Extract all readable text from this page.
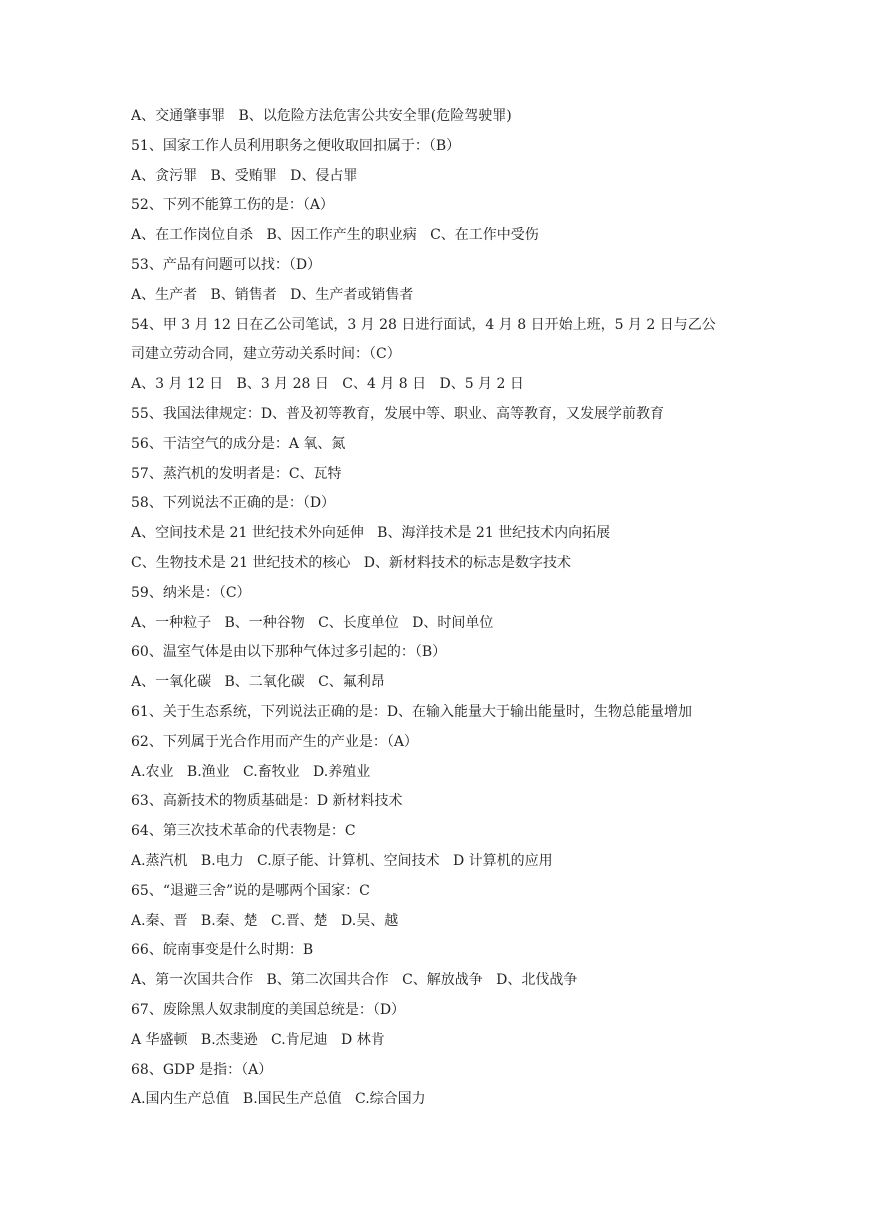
A、交通肇事罪   B、以危险方法危害公共安全罪(危险驾驶罪)
51、国家工作人员利用职务之便收取回扣属于：（B）
A、贪污罪   B、受贿罪   D、侵占罪
52、下列不能算工伤的是：（A）
A、在工作岗位自杀   B、因工作产生的职业病   C、在工作中受伤
53、产品有问题可以找：（D）
A、生产者   B、销售者   D、生产者或销售者
54、甲 3 月 12 日在乙公司笔试，3 月 28 日进行面试，4 月 8 日开始上班，5 月 2 日与乙公
司建立劳动合同，建立劳动关系时间：（C）
A、3 月 12 日   B、3 月 28 日   C、4 月 8 日   D、5 月 2 日
55、我国法律规定：D、普及初等教育，发展中等、职业、高等教育，又发展学前教育
56、干洁空气的成分是：A 氧、氮
57、蒸汽机的发明者是：C、瓦特
58、下列说法不正确的是：（D）
A、空间技术是 21 世纪技术外向延伸   B、海洋技术是 21 世纪技术内向拓展
C、生物技术是 21 世纪技术的核心   D、新材料技术的标志是数字技术
59、纳米是：（C）
A、一种粒子   B、一种谷物   C、长度单位   D、时间单位
60、温室气体是由以下那种气体过多引起的：（B）
A、一氧化碳   B、二氧化碳   C、氟利昂
61、关于生态系统，下列说法正确的是：D、在输入能量大于输出能量时，生物总能量增加
62、下列属于光合作用而产生的产业是：（A）
A.农业   B.渔业   C.畜牧业   D.养殖业
63、高新技术的物质基础是：D 新材料技术
64、第三次技术革命的代表物是：C
A.蒸汽机   B.电力   C.原子能、计算机、空间技术   D 计算机的应用
65、“退避三舍”说的是哪两个国家：C
A.秦、晋   B.秦、楚   C.晋、楚   D.吴、越
66、皖南事变是什么时期：B
A、第一次国共合作   B、第二次国共合作   C、解放战争   D、北伐战争
67、废除黑人奴隶制度的美国总统是：（D）
A 华盛顿   B.杰斐逊   C.肯尼迪   D 林肯
68、GDP 是指：（A）
A.国内生产总值   B.国民生产总值   C.综合国力
